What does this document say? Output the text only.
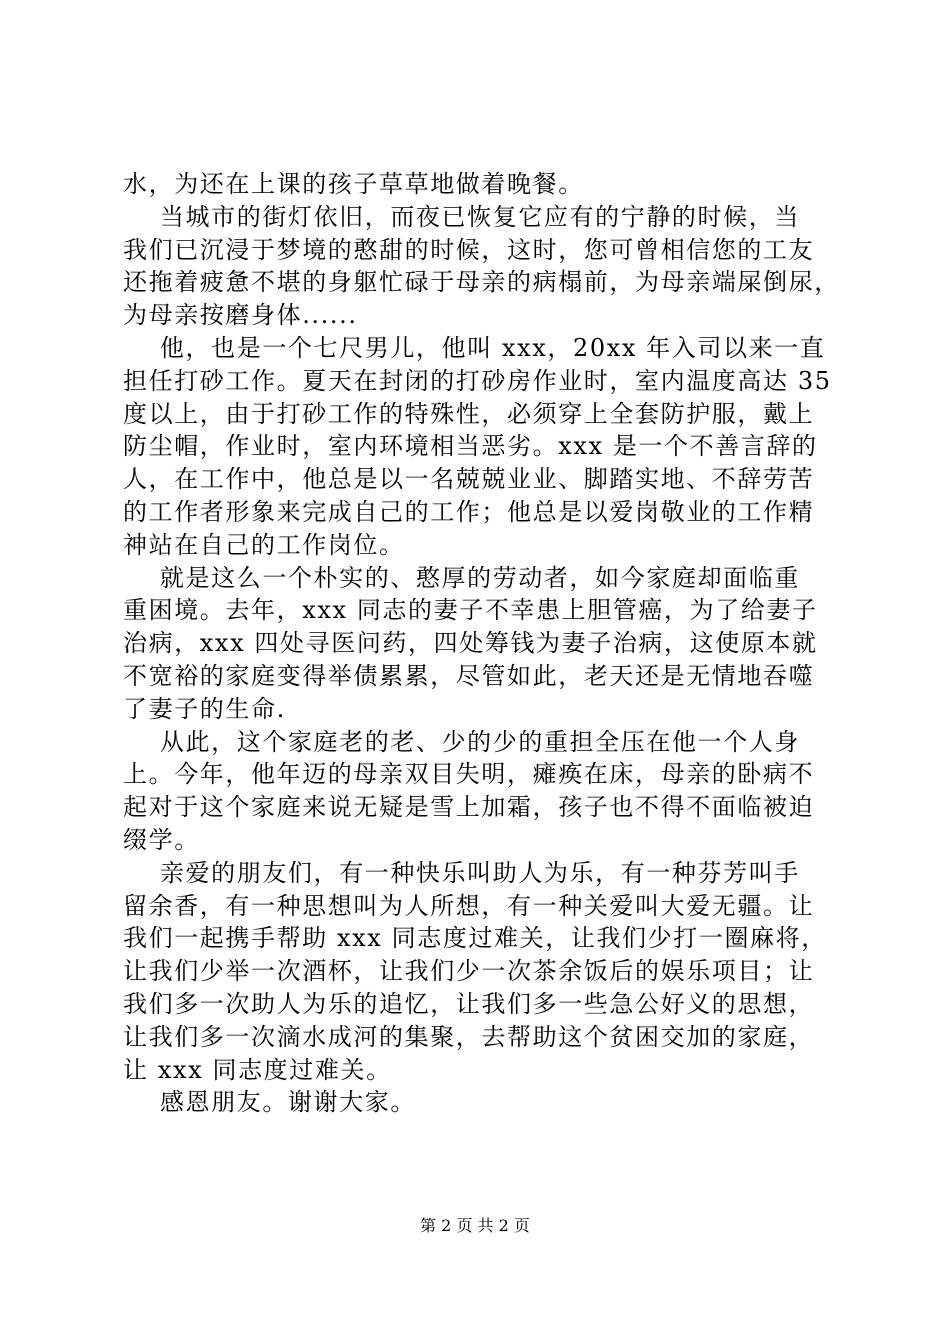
水，为还在上课的孩子草草地做着晚餐。
当城市的街灯依旧，而夜已恢复它应有的宁静的时候，当
我们已沉浸于梦境的憨甜的时候，这时，您可曾相信您的工友
还拖着疲惫不堪的身躯忙碌于母亲的病榻前，为母亲端屎倒尿，
为母亲按磨身体......
他，也是一个七尺男儿，他叫 xxx，20xx 年入司以来一直
担任打砂工作。夏天在封闭的打砂房作业时，室内温度高达 35
度以上，由于打砂工作的特殊性，必须穿上全套防护服，戴上
防尘帽，作业时，室内环境相当恶劣。xxx 是一个不善言辞的
人，在工作中，他总是以一名兢兢业业、脚踏实地、不辞劳苦
的工作者形象来完成自己的工作；他总是以爱岗敬业的工作精
神站在自己的工作岗位。
就是这么一个朴实的、憨厚的劳动者，如今家庭却面临重
重困境。去年，xxx 同志的妻子不幸患上胆管癌，为了给妻子
治病，xxx 四处寻医问药，四处筹钱为妻子治病，这使原本就
不宽裕的家庭变得举债累累，尽管如此，老天还是无情地吞噬
了妻子的生命.
从此，这个家庭老的老、少的少的重担全压在他一个人身
上。今年，他年迈的母亲双目失明，瘫痪在床，母亲的卧病不
起对于这个家庭来说无疑是雪上加霜，孩子也不得不面临被迫
缀学。
亲爱的朋友们，有一种快乐叫助人为乐，有一种芬芳叫手
留余香，有一种思想叫为人所想，有一种关爱叫大爱无疆。让
我们一起携手帮助 xxx 同志度过难关，让我们少打一圈麻将，
让我们少举一次酒杯，让我们少一次茶余饭后的娱乐项目；让
我们多一次助人为乐的追忆，让我们多一些急公好义的思想，
让我们多一次滴水成河的集聚，去帮助这个贫困交加的家庭，
让 xxx 同志度过难关。
感恩朋友。谢谢大家。
第 2 页 共 2 页
